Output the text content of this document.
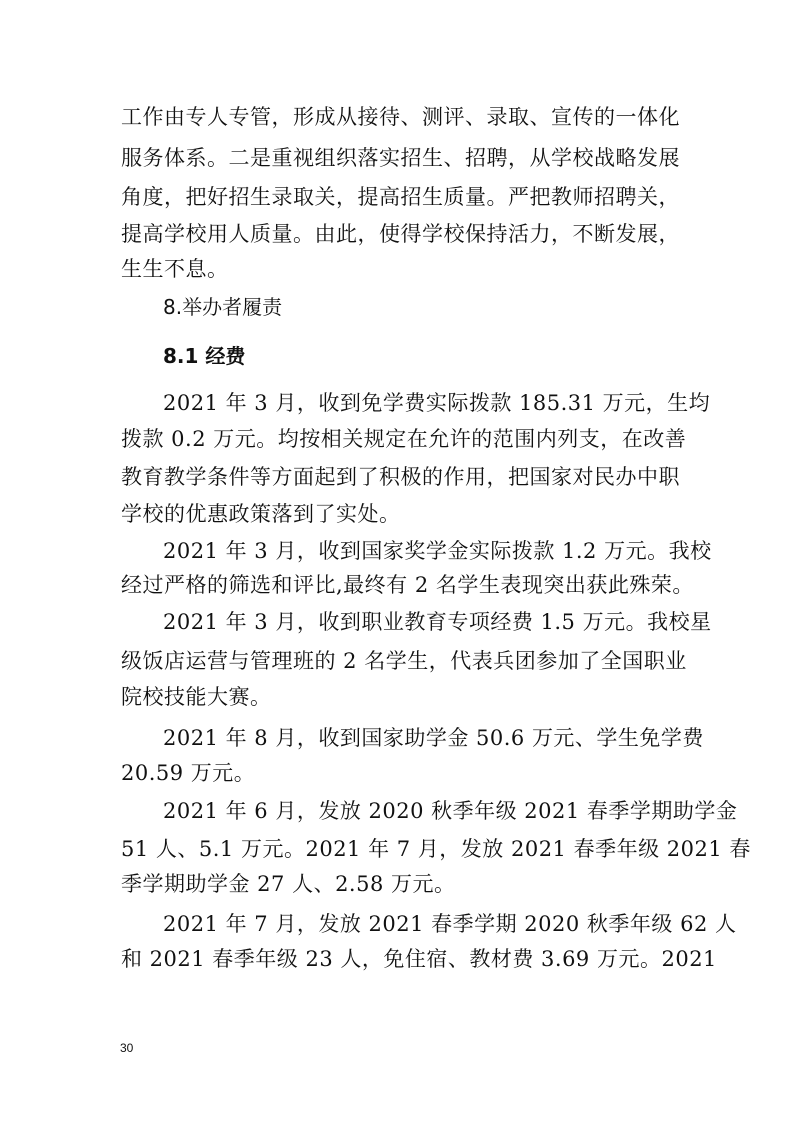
工作由专人专管，形成从接待、测评、录取、宣传的一体化
服务体系。二是重视组织落实招生、招聘，从学校战略发展
角度，把好招生录取关，提高招生质量。严把教师招聘关，
提高学校用人质量。由此，使得学校保持活力，不断发展，
生生不息。
8.举办者履责
8.1 经费
2021 年 3 月，收到免学费实际拨款 185.31 万元，生均
拨款 0.2 万元。均按相关规定在允许的范围内列支，在改善
教育教学条件等方面起到了积极的作用，把国家对民办中职
学校的优惠政策落到了实处。
2021 年 3 月，收到国家奖学金实际拨款 1.2 万元。我校
经过严格的筛选和评比,最终有 2 名学生表现突出获此殊荣。
2021 年 3 月，收到职业教育专项经费 1.5 万元。我校星
级饭店运营与管理班的 2 名学生，代表兵团参加了全国职业
院校技能大赛。
2021 年 8 月，收到国家助学金 50.6 万元、学生免学费
20.59 万元。
2021 年 6 月，发放 2020 秋季年级 2021 春季学期助学金
51 人、5.1 万元。2021 年 7 月，发放 2021 春季年级 2021 春
季学期助学金 27 人、2.58 万元。
2021 年 7 月，发放 2021 春季学期 2020 秋季年级 62 人
和 2021 春季年级 23 人，免住宿、教材费 3.69 万元。2021
30
